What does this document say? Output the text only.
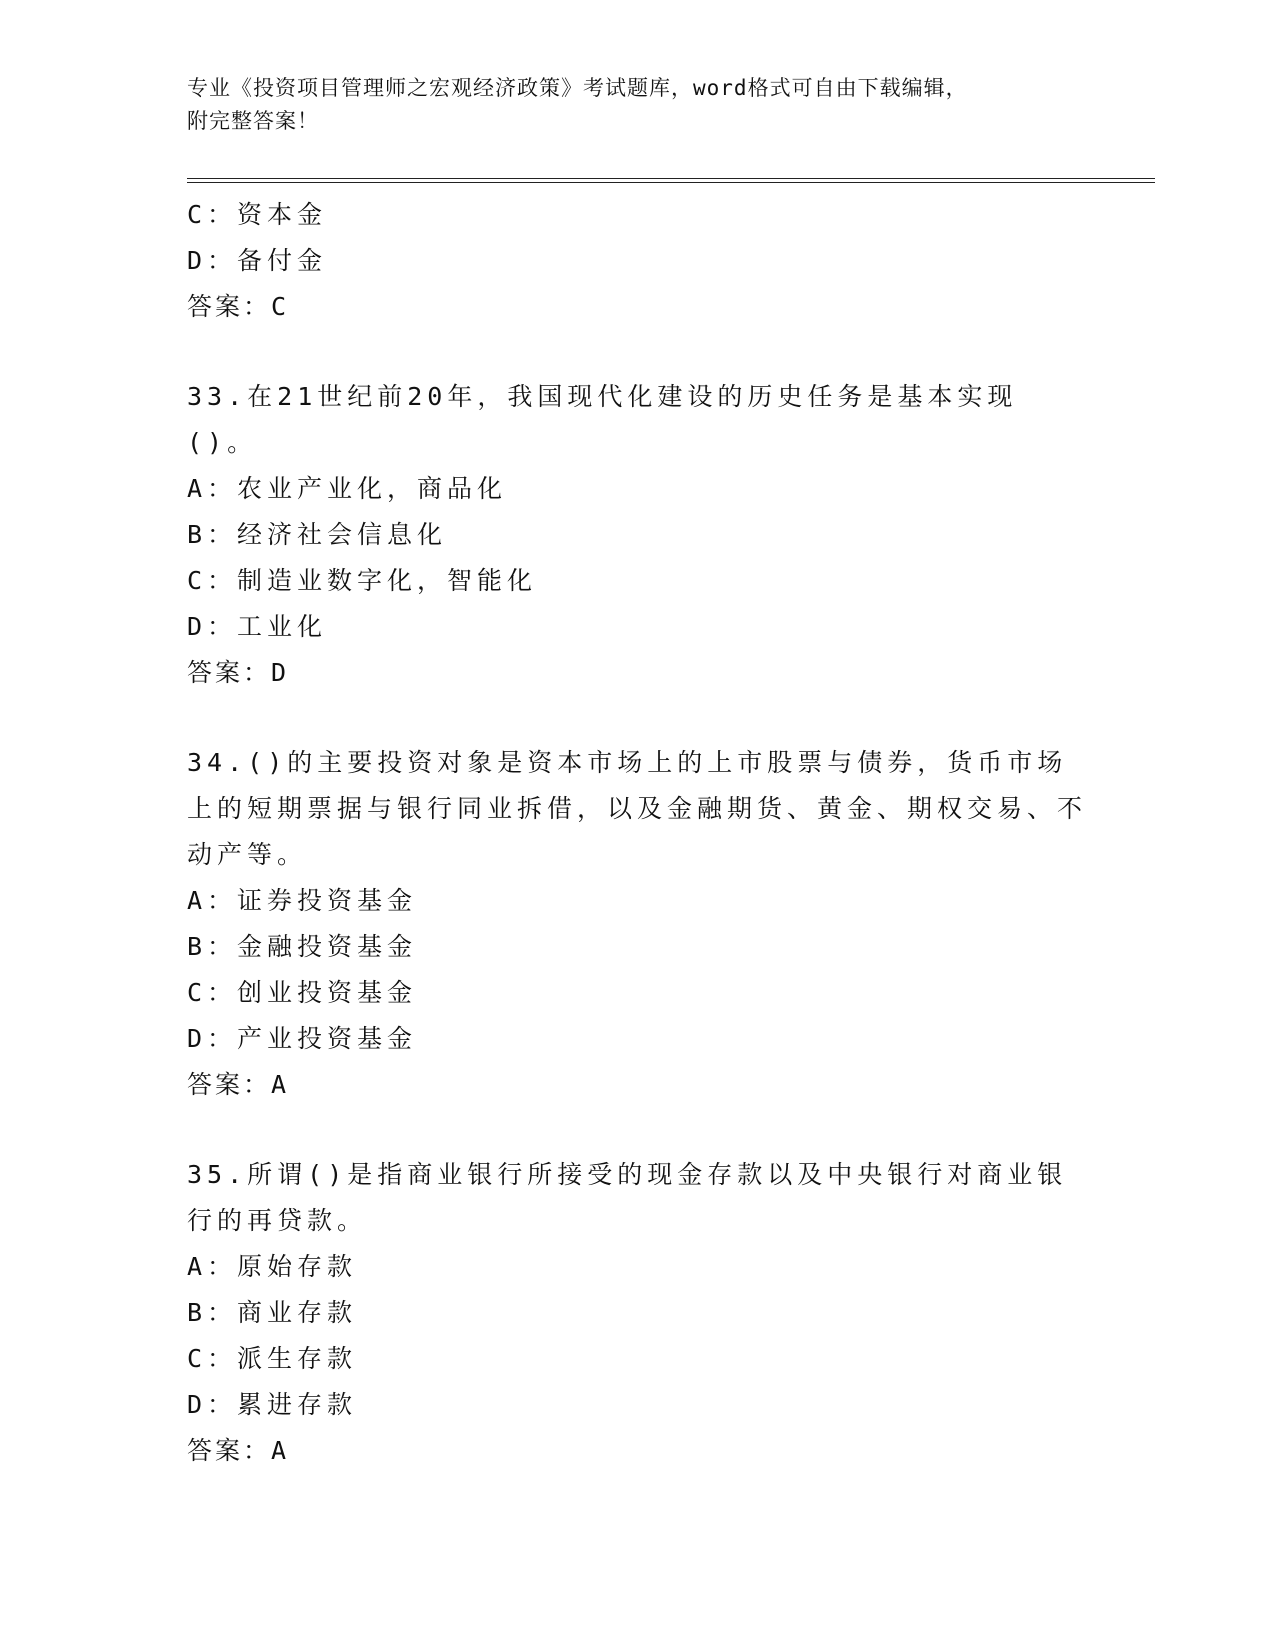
专业《投资项目管理师之宏观经济政策》考试题库，word格式可自由下载编辑，
附完整答案！
C：资本金
D：备付金
答案：C
33.在21世纪前20年，我国现代化建设的历史任务是基本实现()。
A：农业产业化，商品化
B：经济社会信息化
C：制造业数字化，智能化
D：工业化
答案：D
34.()的主要投资对象是资本市场上的上市股票与债券，货币市场上的短期票据与银行同业拆借，以及金融期货、黄金、期权交易、不动产等。
A：证券投资基金
B：金融投资基金
C：创业投资基金
D：产业投资基金
答案：A
35.所谓()是指商业银行所接受的现金存款以及中央银行对商业银行的再贷款。
A：原始存款
B：商业存款
C：派生存款
D：累进存款
答案：A
